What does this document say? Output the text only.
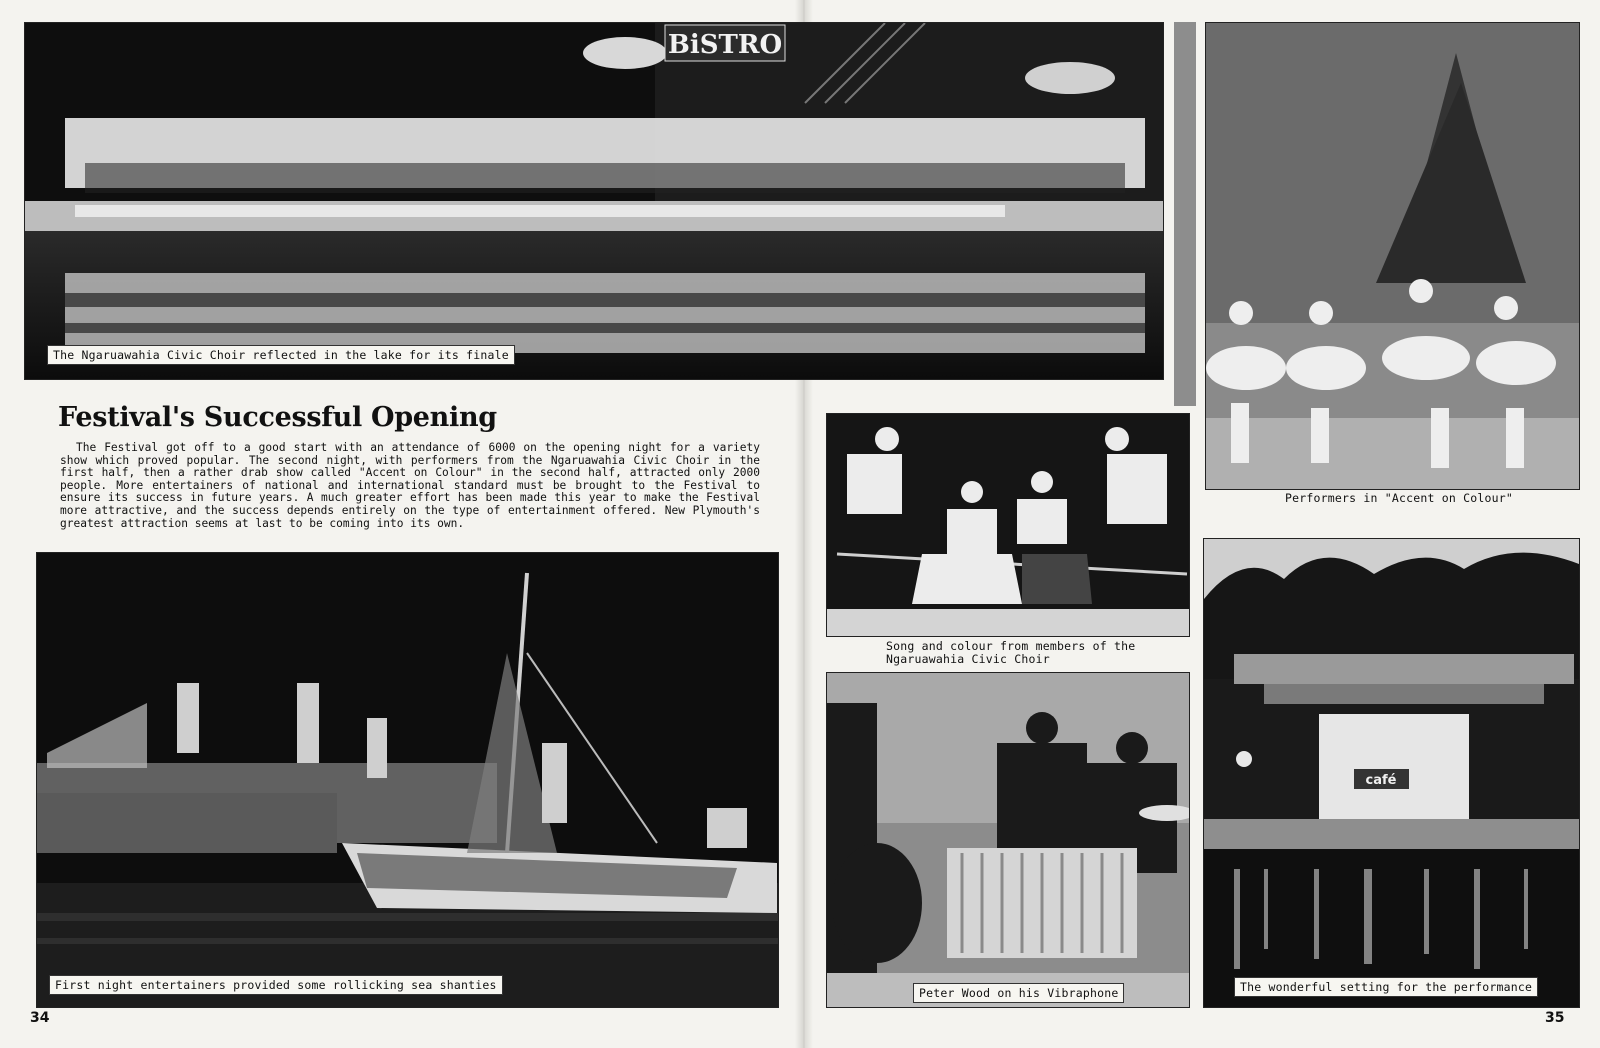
BiSTRO
The Ngaruawahia Civic Choir reflected in the lake for its finale
Performers in "Accent on Colour"
Festival's Successful Opening
The Festival got off to a good start with an attendance of 6000 on the opening night for a variety show which proved popular. The second night, with performers from the Ngaruawahia Civic Choir in the first half, then a rather drab show called "Accent on Colour" in the second half, attracted only 2000 people. More entertainers of national and international standard must be brought to the Festival to ensure its success in future years. A much greater effort has been made this year to make the Festival more attractive, and the success depends entirely on the type of entertainment offered. New Plymouth's greatest attraction seems at last to be coming into its own.
First night entertainers provided some rollicking sea shanties
Song and colour from members of the
Ngaruawahia Civic Choir
Peter Wood on his Vibraphone
café
The wonderful setting for the performance
34	35
